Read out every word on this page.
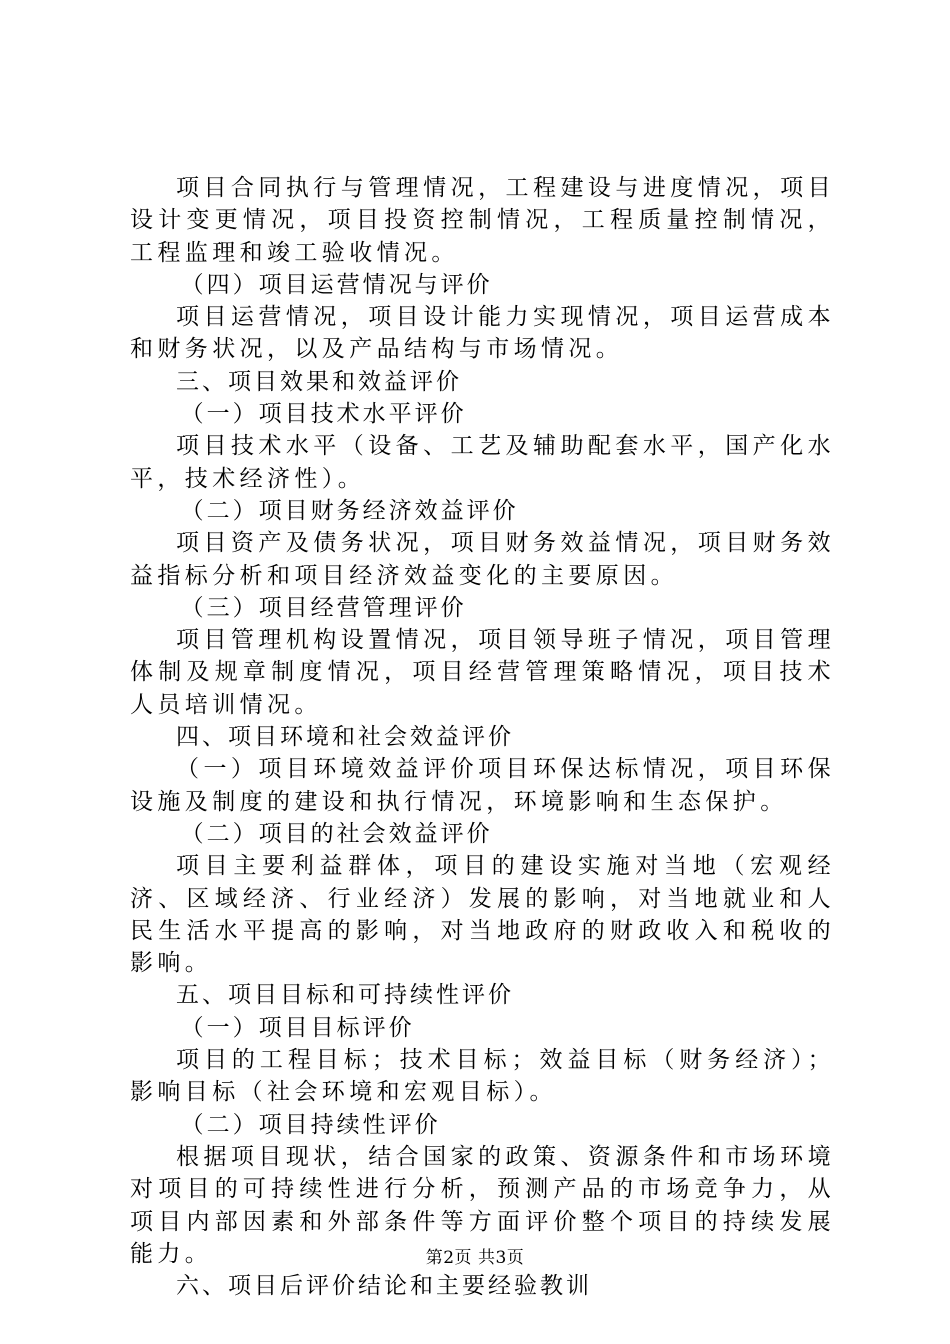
项目合同执行与管理情况，工程建设与进度情况，项目设计变更情况，项目投资控制情况，工程质量控制情况，工程监理和竣工验收情况。

（四）项目运营情况与评价

项目运营情况，项目设计能力实现情况，项目运营成本和财务状况，以及产品结构与市场情况。

三、项目效果和效益评价

（一）项目技术水平评价

项目技术水平（设备、工艺及辅助配套水平，国产化水平，技术经济性）。

（二）项目财务经济效益评价

项目资产及债务状况，项目财务效益情况，项目财务效益指标分析和项目经济效益变化的主要原因。

（三）项目经营管理评价

项目管理机构设置情况，项目领导班子情况，项目管理体制及规章制度情况，项目经营管理策略情况，项目技术人员培训情况。

四、项目环境和社会效益评价

（一）项目环境效益评价项目环保达标情况，项目环保设施及制度的建设和执行情况，环境影响和生态保护。

（二）项目的社会效益评价

项目主要利益群体，项目的建设实施对当地（宏观经济、区域经济、行业经济）发展的影响，对当地就业和人民生活水平提高的影响，对当地政府的财政收入和税收的影响。

五、项目目标和可持续性评价

（一）项目目标评价

项目的工程目标；技术目标；效益目标（财务经济）；影响目标（社会环境和宏观目标）。

（二）项目持续性评价

根据项目现状，结合国家的政策、资源条件和市场环境对项目的可持续性进行分析，预测产品的市场竞争力，从项目内部因素和外部条件等方面评价整个项目的持续发展能力。

六、项目后评价结论和主要经验教训

第2页 共3页
